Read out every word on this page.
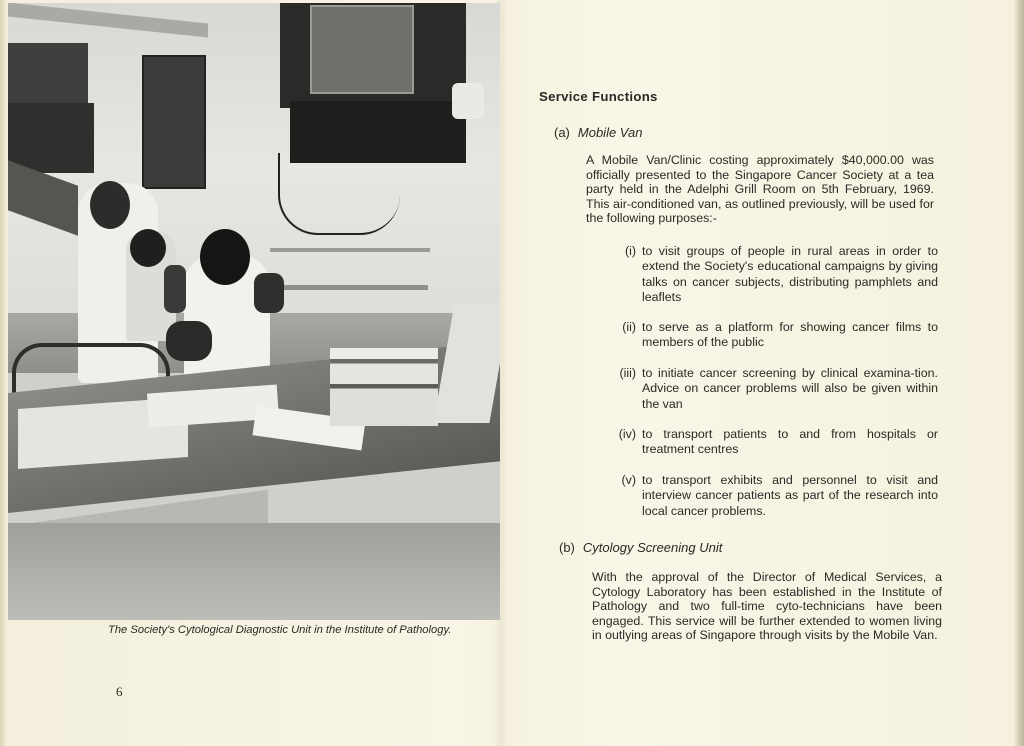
The Society's Cytological Diagnostic Unit in the Institute of Pathology.
6
Service Functions
(a) Mobile Van
A Mobile Van/Clinic costing approximately $40,000.00 was officially presented to the Singapore Cancer Society at a tea party held in the Adelphi Grill Room on 5th February, 1969. This air-conditioned van, as outlined previously, will be used for the following purposes:-
(i) to visit groups of people in rural areas in order to extend the Society's educational campaigns by giving talks on cancer subjects, distributing pamphlets and leaflets
(ii) to serve as a platform for showing cancer films to members of the public
(iii) to initiate cancer screening by clinical examina-tion. Advice on cancer problems will also be given within the van
(iv) to transport patients to and from hospitals or treatment centres
(v) to transport exhibits and personnel to visit and interview cancer patients as part of the research into local cancer problems.
(b) Cytology Screening Unit
With the approval of the Director of Medical Services, a Cytology Laboratory has been established in the Institute of Pathology and two full-time cyto-technicians have been engaged. This service will be further extended to women living in outlying areas of Singapore through visits by the Mobile Van.
